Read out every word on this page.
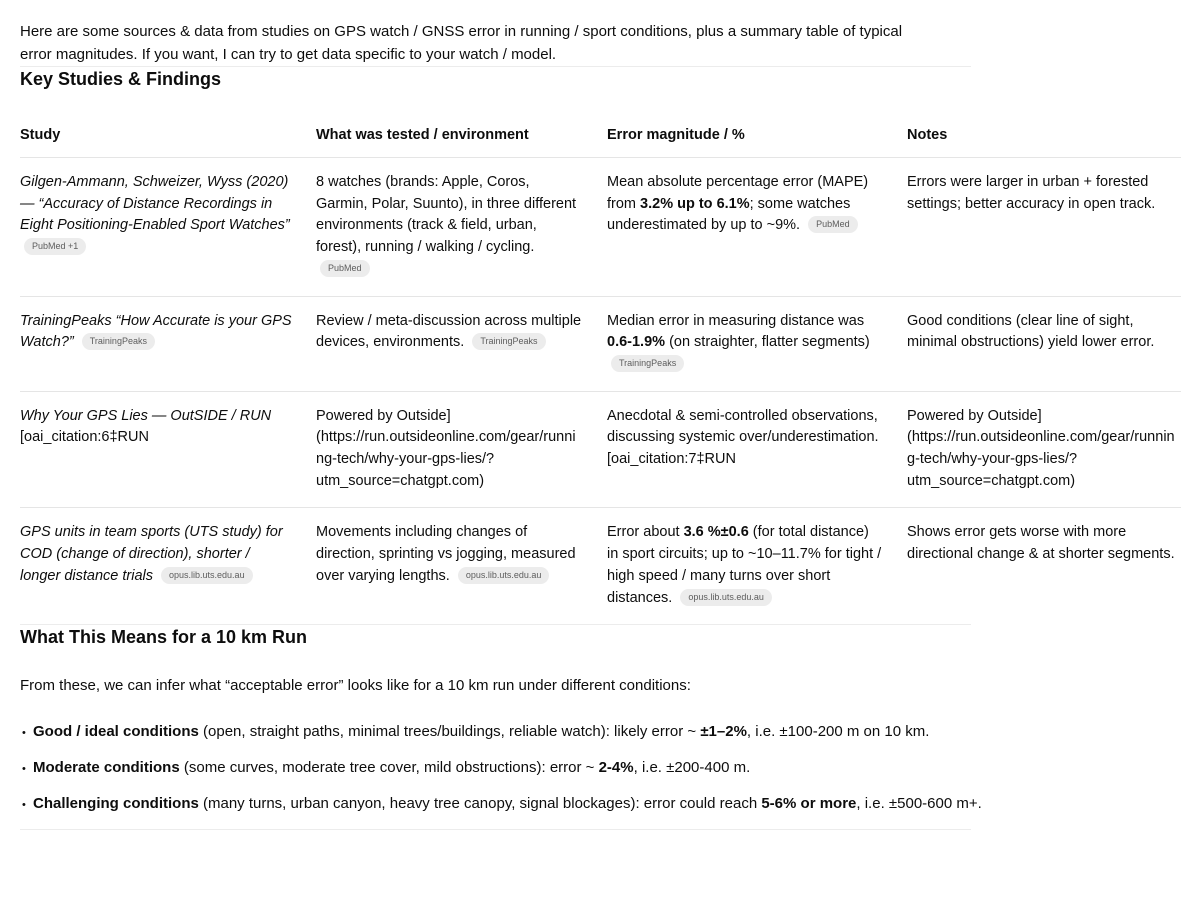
Here are some sources & data from studies on GPS watch / GNSS error in running / sport conditions, plus a summary table of typical error magnitudes. If you want, I can try to get data specific to your watch / model.

Key Studies & Findings
Study	What was tested / environment	Error magnitude / %	Notes
Gilgen-Ammann, Schweizer, Wyss (2020) — “Accuracy of Distance Recordings in Eight Positioning-Enabled Sport Watches” PubMed +1	8 watches (brands: Apple, Coros, Garmin, Polar, Suunto), in three different environments (track & field, urban, forest), running / walking / cycling. PubMed	Mean absolute percentage error (MAPE) from 3.2% up to 6.1%; some watches underestimated by up to ~9%. PubMed	Errors were larger in urban + forested settings; better accuracy in open track.
TrainingPeaks “How Accurate is your GPS Watch?” TrainingPeaks	Review / meta-discussion across multiple devices, environments. TrainingPeaks	Median error in measuring distance was 0.6-1.9% (on straighter, flatter segments) TrainingPeaks	Good conditions (clear line of sight, minimal obstructions) yield lower error.
Why Your GPS Lies — OutSIDE / RUN [oai_citation:6‡RUN	Powered by Outside](https://run.outsideonline.com/gear/running-tech/why-your-gps-lies/?utm_source=chatgpt.com)	Anecdotal & semi-controlled observations, discussing systemic over/underestimation. [oai_citation:7‡RUN	Powered by Outside](https://run.outsideonline.com/gear/running-tech/why-your-gps-lies/?utm_source=chatgpt.com)
GPS units in team sports (UTS study) for COD (change of direction), shorter / longer distance trials opus.lib.uts.edu.au	Movements including changes of direction, sprinting vs jogging, measured over varying lengths. opus.lib.uts.edu.au	Error about 3.6 %±0.6 (for total distance) in sport circuits; up to ~10–11.7% for tight / high speed / many turns over short distances. opus.lib.uts.edu.au	Shows error gets worse with more directional change & at shorter segments.
What This Means for a 10 km Run

From these, we can infer what “acceptable error” looks like for a 10 km run under different conditions:

• Good / ideal conditions (open, straight paths, minimal trees/buildings, reliable watch): likely error ~ ±1–2%, i.e. ±100-200 m on 10 km.
• Moderate conditions (some curves, moderate tree cover, mild obstructions): error ~ 2-4%, i.e. ±200-400 m.
• Challenging conditions (many turns, urban canyon, heavy tree canopy, signal blockages): error could reach 5-6% or more, i.e. ±500-600 m+.
